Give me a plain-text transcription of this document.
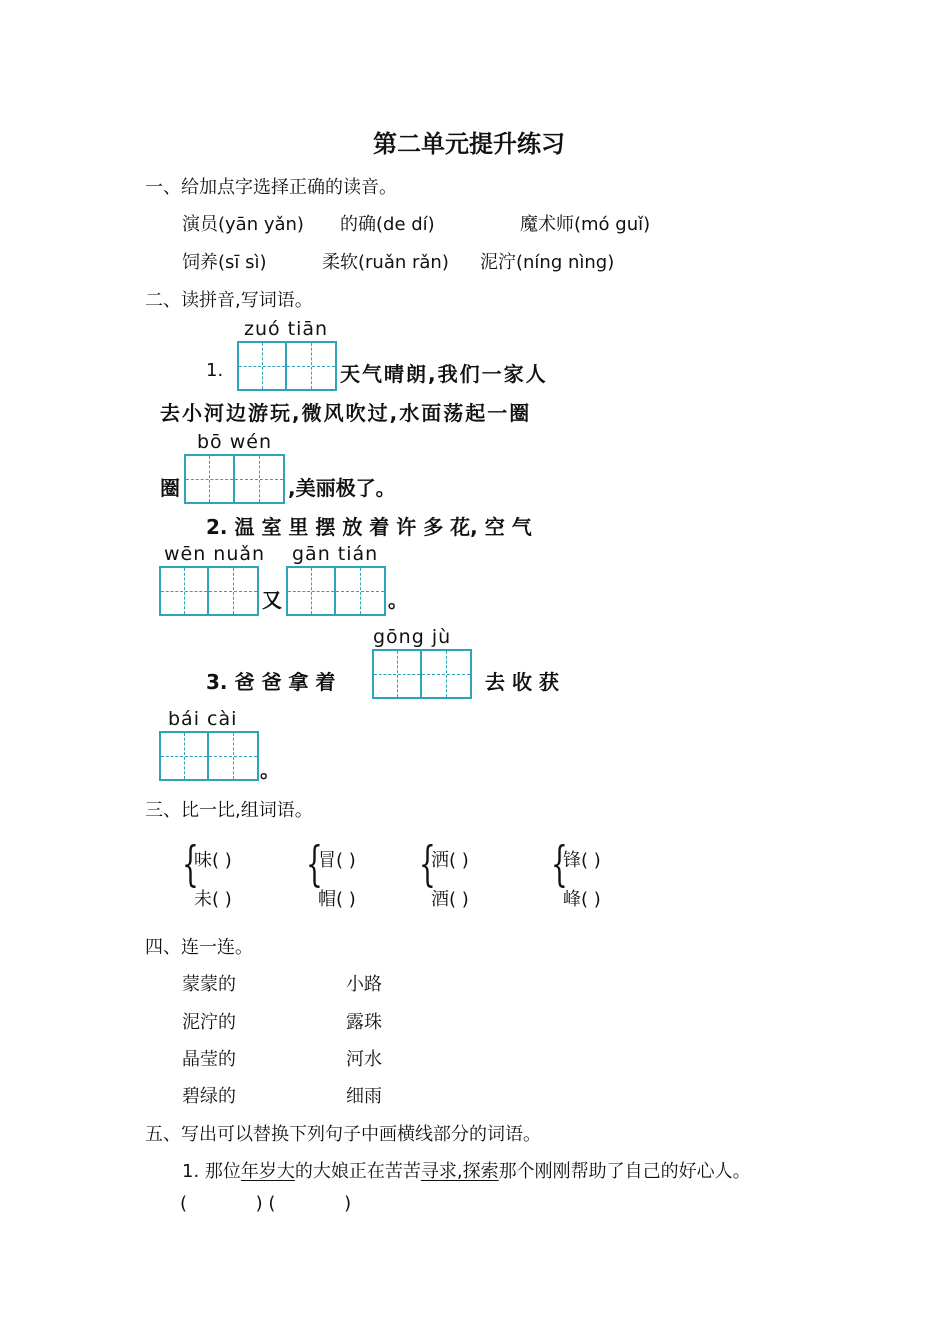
第二单元提升练习
一、给加点字选择正确的读音。
演员(yān yǎn) 的确(de dí)	魔术师(mó guǐ)
饲养(sī sì)	柔软(ruǎn rǎn) 泥泞(níng nìng)
二、读拼音,写词语。
zuó tiān
1.	天气晴朗,我们一家人
去小河边游玩,微风吹过,水面荡起一圈
bō wén
圈	,美丽极了。
2. 温 室 里 摆 放 着 许 多 花, 空 气
wēn nuǎn gān tián
又	。
gōng jù
3. 爸 爸 拿 着	去 收 获
bái cài
。
三、比一比,组词语。
{
味( )
未( )
{
冒( )
帽( )
{
洒( )
酒( )
{
锋( )
峰( )
四、连一连。
蒙蒙的	小路
泥泞的	露珠
晶莹的	河水
碧绿的	细雨
五、写出可以替换下列句子中画横线部分的词语。
1. 那位年岁大的大娘正在苦苦寻求,探索那个刚刚帮助了自己的好心人。
(            ) (            )
